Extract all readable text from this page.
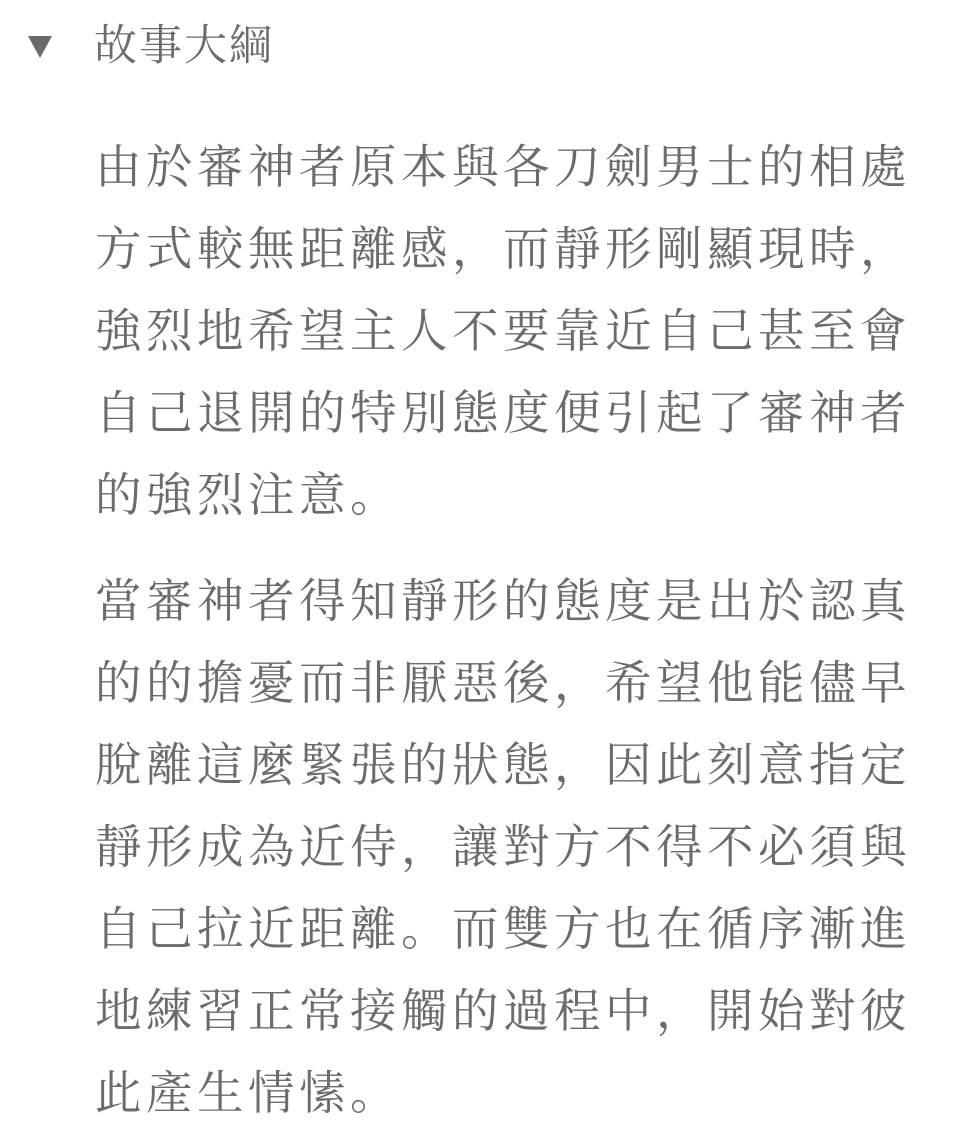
故事大綱

由於審神者原本與各刀劍男士的相處方式較無距離感，而靜形剛顯現時，強烈地希望主人不要靠近自己甚至會自己退開的特別態度便引起了審神者的強烈注意。

當審神者得知靜形的態度是出於認真的的擔憂而非厭惡後，希望他能儘早脫離這麼緊張的狀態，因此刻意指定靜形成為近侍，讓對方不得不必須與自己拉近距離。而雙方也在循序漸進地練習正常接觸的過程中，開始對彼此產生情愫。
